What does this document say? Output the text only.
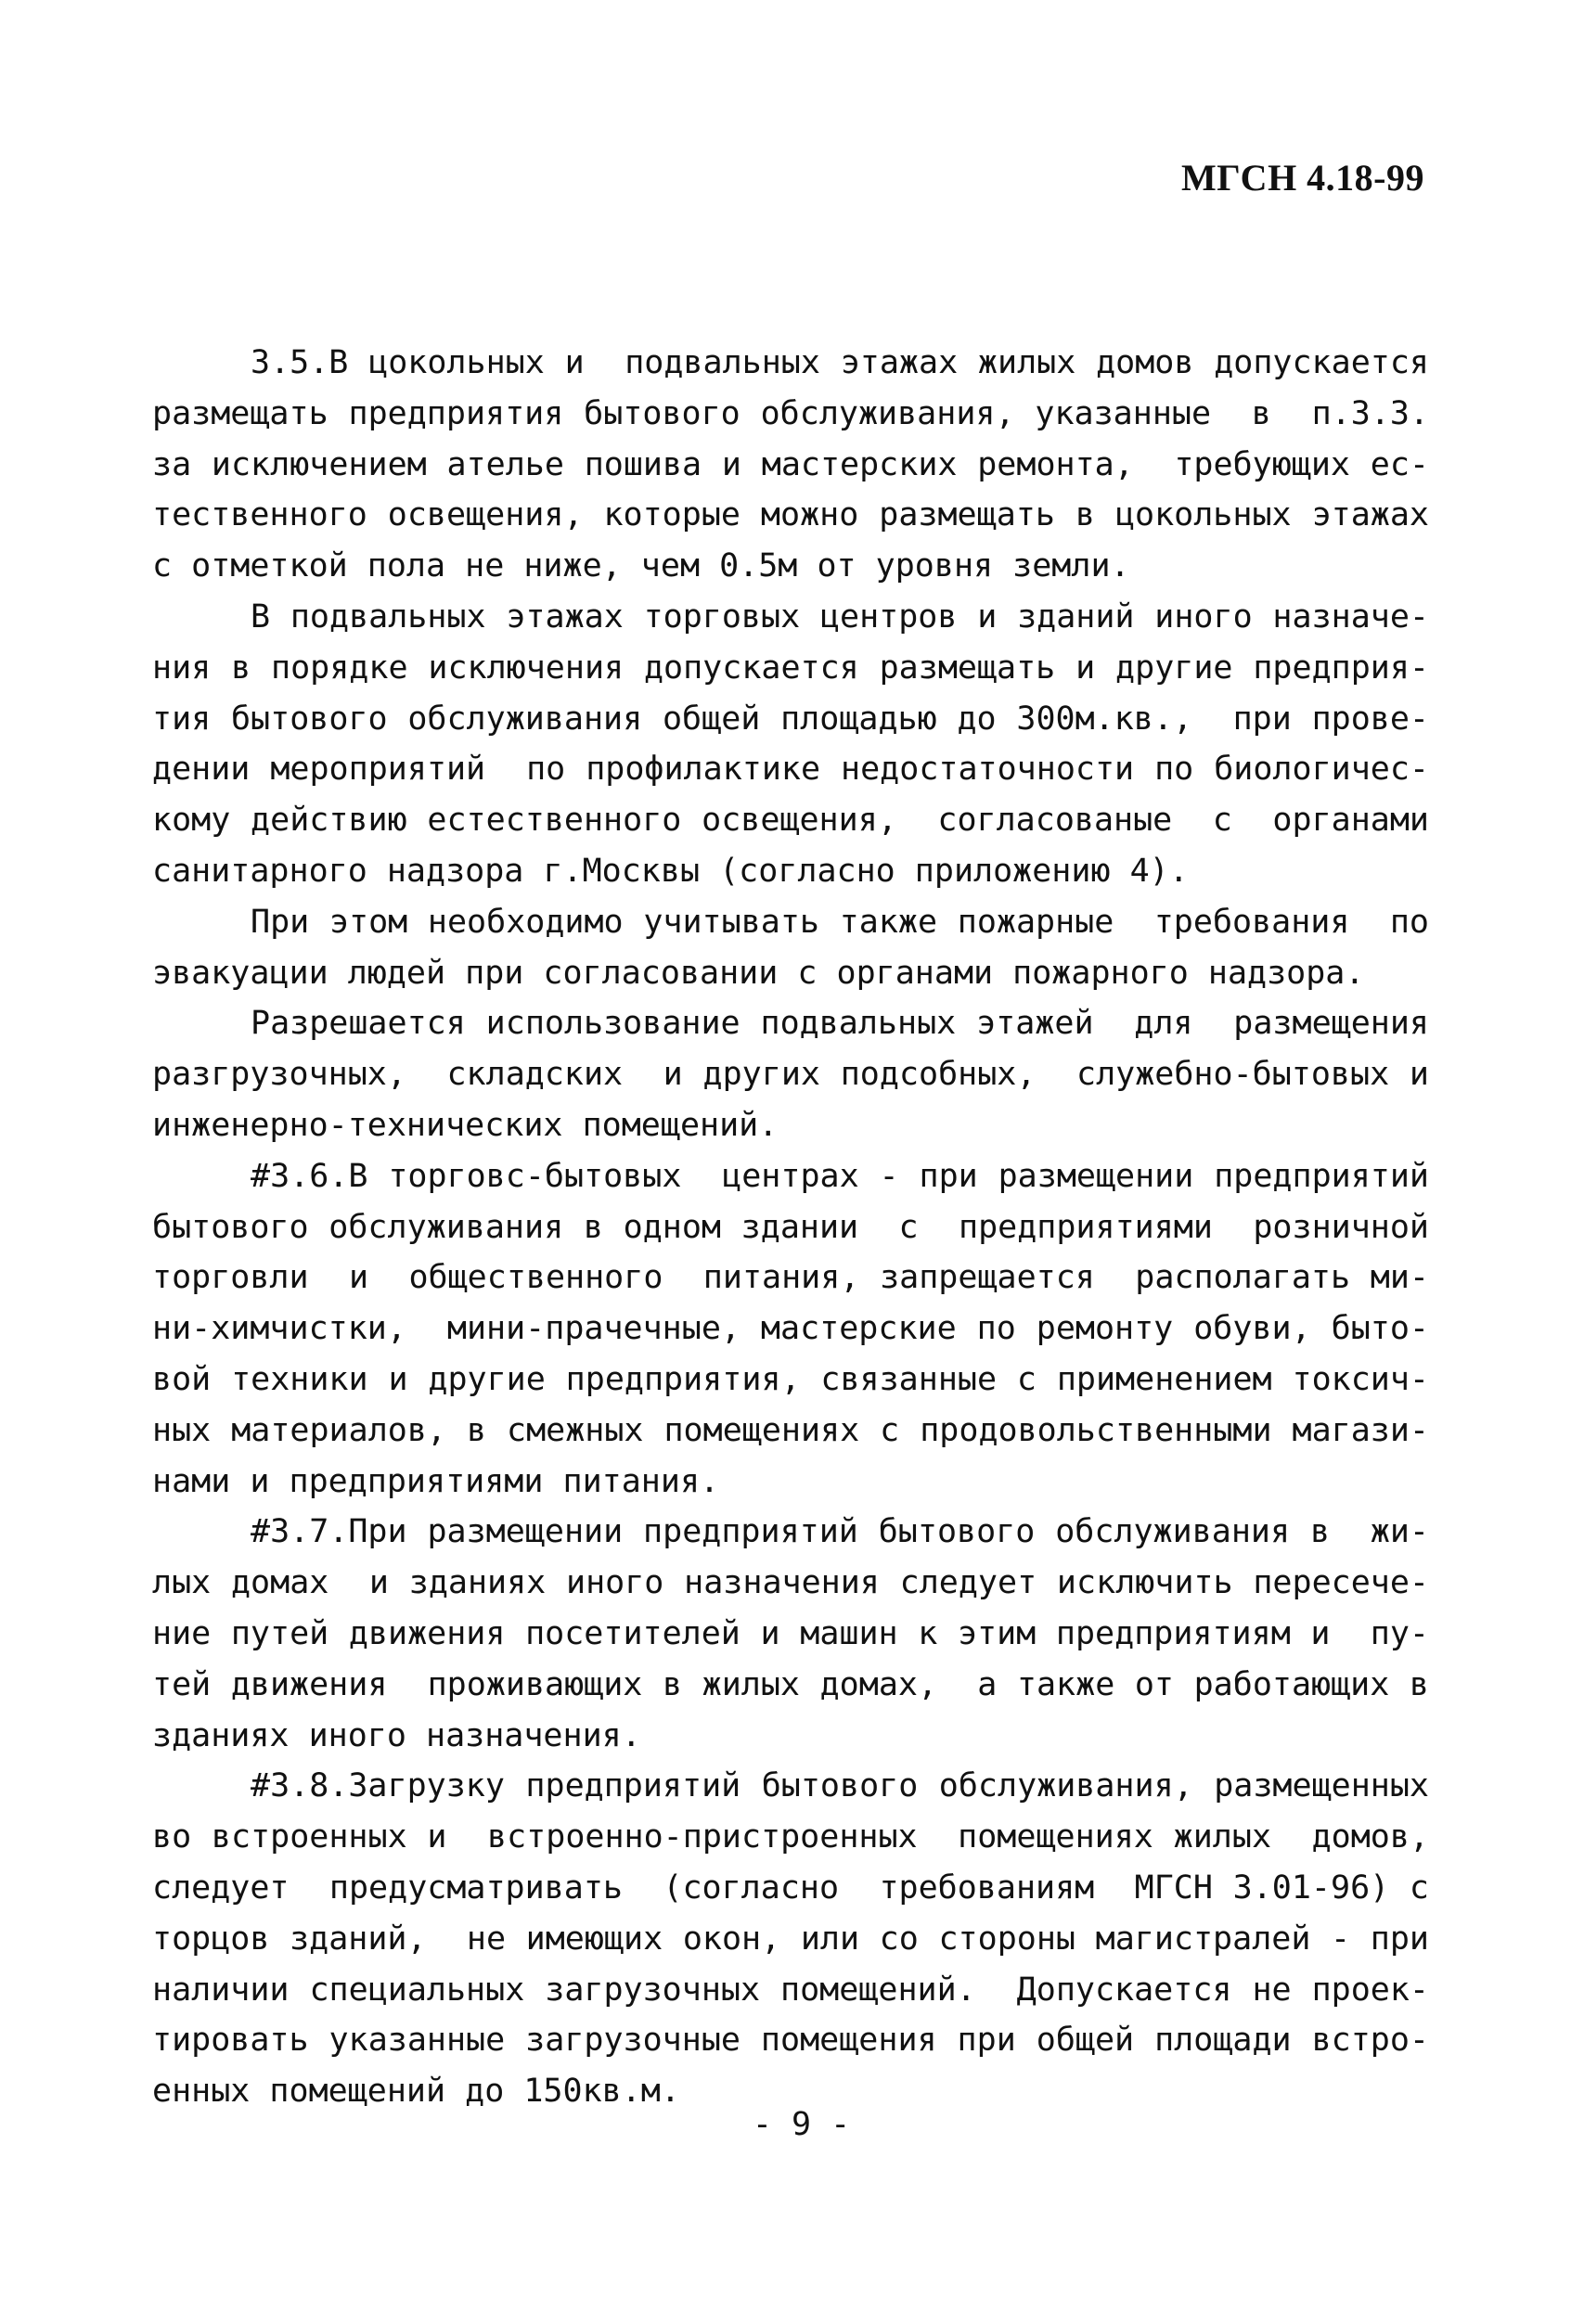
МГСН 4.18-99
3.5.В цокольных и  подвальных этажах жилых домов допускается
размещать предприятия бытового обслуживания, указанные  в  п.3.3.
за исключением ателье пошива и мастерских ремонта,  требующих ес-
тественного освещения, которые можно размещать в цокольных этажах
с отметкой пола не ниже, чем 0.5м от уровня земли.
В подвальных этажах торговых центров и зданий иного назначе-
ния в порядке исключения допускается размещать и другие предприя-
тия бытового обслуживания общей площадью до 300м.кв.,  при прове-
дении мероприятий  по профилактике недостаточности по биологичес-
кому действию естественного освещения,  согласованые  с  органами
санитарного надзора г.Москвы (согласно приложению 4).
При этом необходимо учитывать также пожарные  требования  по
эвакуации людей при согласовании с органами пожарного надзора.
Разрешается использование подвальных этажей  для  размещения
разгрузочных,  складских  и других подсобных,  служебно-бытовых и
инженерно-технических помещений.
#3.6.В торговс-бытовых  центрах - при размещении предприятий
бытового обслуживания в одном здании  с  предприятиями  розничной
торговли  и  общественного  питания, запрещается  располагать ми-
ни-химчистки,  мини-прачечные, мастерские по ремонту обуви, быто-
вой техники и другие предприятия, связанные с применением токсич-
ных материалов, в смежных помещениях с продовольственными магази-
нами и предприятиями питания.
#3.7.При размещении предприятий бытового обслуживания в  жи-
лых домах  и зданиях иного назначения следует исключить пересече-
ние путей движения посетителей и машин к этим предприятиям и  пу-
тей движения  проживающих в жилых домах,  а также от работающих в
зданиях иного назначения.
#3.8.Загрузку предприятий бытового обслуживания, размещенных
во встроенных и  встроенно-пристроенных  помещениях жилых  домов,
следует  предусматривать  (согласно  требованиям  МГСН 3.01-96) с
торцов зданий,  не имеющих окон, или со стороны магистралей - при
наличии специальных загрузочных помещений.  Допускается не проек-
тировать указанные загрузочные помещения при общей площади встро-
енных помещений до 150кв.м.
- 9 -
